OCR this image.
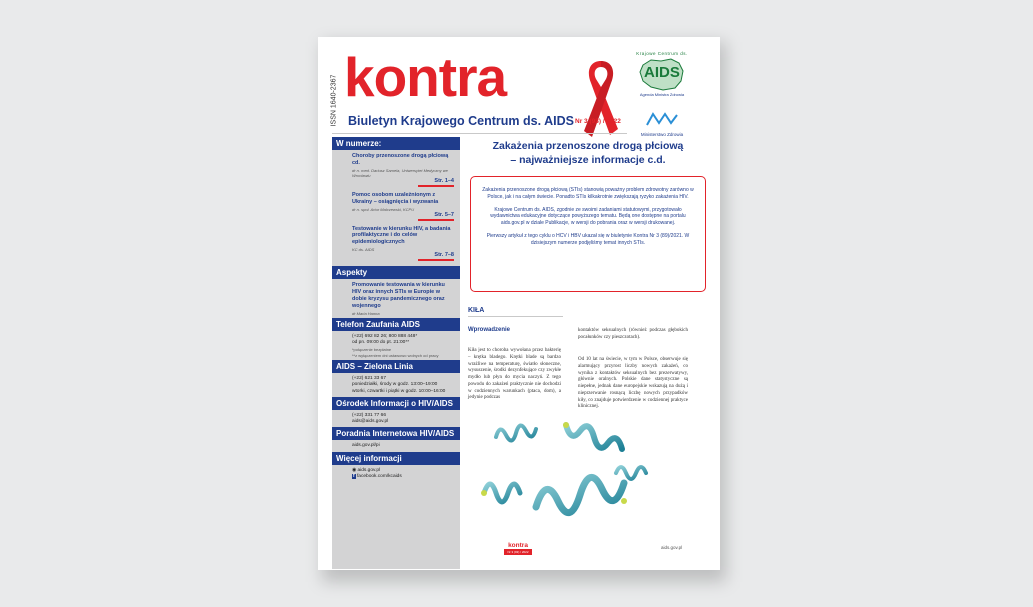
ISSN 1640-2367 kontra
Biuletyn Krajowego Centrum ds. AIDS Nr 3 (93) / 2022
Krajowe Centrum ds.
AIDS
Agenda Ministra Zdrowia
Ministerstwo Zdrowia
W numerze:
Choroby przenoszone drogą płciową cd.
dr n. med. Dariusz Samela, Uniwersytet Medyczny we Wrocławiu
Str. 1–4
Pomoc osobom uzależnionym z Ukrainy – osiągnięcia i wyzwania
dr n. społ. Artur Malczewski, KCPU
Str. 5–7
Testowanie w kierunku HIV, a badania profilaktyczne i do celów epidemiologicznych
KC ds. AIDS
Str. 7–8
Aspekty
Promowanie testowania w kierunku HIV oraz innych STIs w Europie w dobie kryzysu pandemicznego oraz wojennego
dr Maria Hanna
Telefon Zaufania AIDS
(+22) 692 82 26; 800 888 448*
od pn. 09:00 do pt. 21:00**
*połączenie bezpłatne
**z wyłączeniem dni ustawowo wolnych od pracy
AIDS – Zielona Linia
(+22) 621 33 67
poniedziałki, środy w godz. 13:00–19:00
wtorki, czwartki i piątki w godz. 10:00–16:00
Ośrodek Informacji o HIV/AIDS
(+22) 331 77 66
aids@aids.gov.pl
Poradnia Internetowa HIV/AIDS
aids.gov.pl/pi
Więcej informacji
◉ aids.gov.pl
f facebook.com/kcaids
Zakażenia przenoszone drogą płciową
– najważniejsze informacje c.d.

Zakażenia przenoszone drogą płciową (STIs) stanowią poważny problem zdrowotny zarówno w Polsce, jak i na całym świecie. Ponadto STIs kilkakrotnie zwiększają ryzyko zakażenia HIV.

Krajowe Centrum ds. AIDS, zgodnie ze swoimi zadaniami statutowymi, przygotowało wydawnictwa edukacyjne dotyczące powyższego tematu. Będą one dostępne na portalu aids.gov.pl w dziale Publikacje, w wersji do pobrania oraz w wersji drukowanej.

Pierwszy artykuł z tego cyklu o HCV i HBV ukazał się w biuletynie Kontra Nr 3 (89)/2021. W dzisiejszym numerze podjęliśmy temat innych STIs.

KIŁA
Wprowadzenie
Kiła jest to choroba wywołana przez bakterię – krętka bladego. Krętki blade są bardzo wrażliwe na temperaturę, światło słoneczne, wysuszenie, środki dezynfekujące czy zwykłe mydło lub płyn do mycia naczyń. Z tego powodu do zakażeń praktycznie nie dochodzi w codziennych warunkach (ptaca, dom), a jedynie podczas
kontaktów seksualnych (również podczas głębokich pocałunków czy pieszczotach).
Od 10 lat na świecie, w tym w Polsce, obserwuje się alarmujący przyrost liczby nowych zakażeń, co wynika z kontaktów seksualnych bez prezerwatywy, głównie oralnych. Polskie dane statystyczne są niepełne, jednak dane europejskie wskazują na dużą i nieprzerwanie rosnącą liczbę nowych przypadków kiły, co znajduje potwierdzenie w codziennej praktyce klinicznej.
kontra
Nr 3 (93) / 2022
aids.gov.pl
